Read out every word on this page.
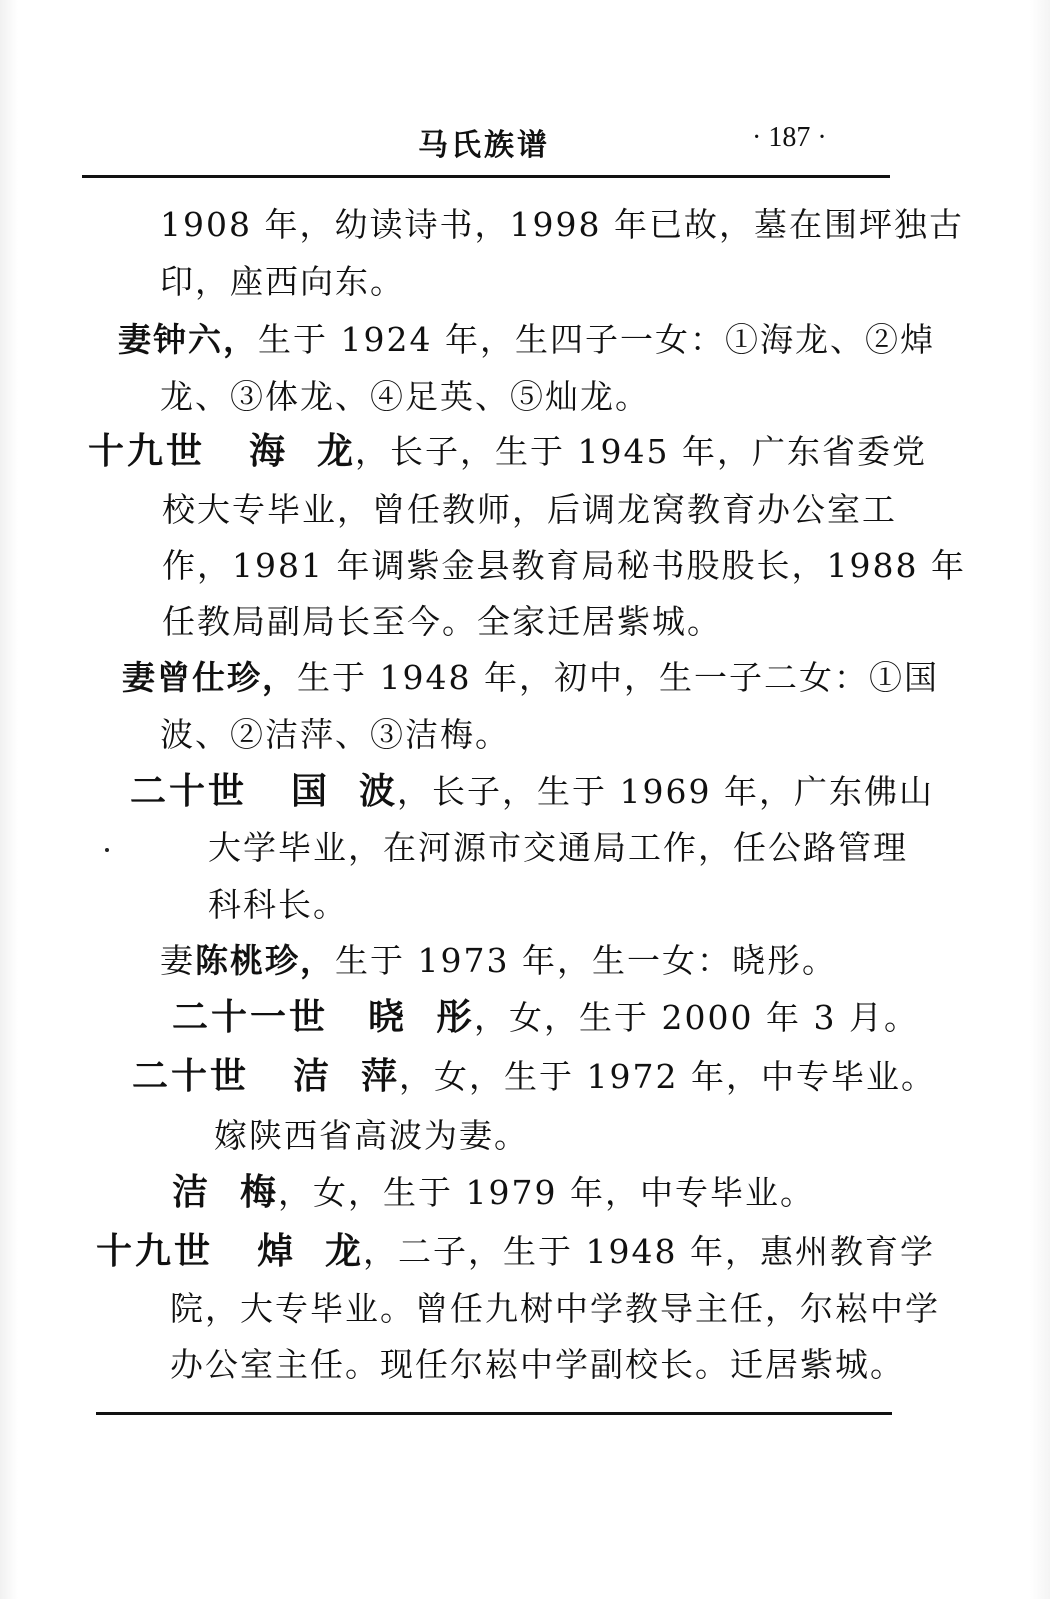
马氏族谱	· 187 ·
1908 年，幼读诗书，1998 年已故，墓在围坪独古
印，座西向东。
妻钟六，生于 1924 年，生四子一女：①海龙、②焯
龙、③体龙、④足英、⑤灿龙。
十九世 海龙，长子，生于 1945 年，广东省委党
校大专毕业，曾任教师，后调龙窝教育办公室工
作，1981 年调紫金县教育局秘书股股长，1988 年
任教局副局长至今。全家迁居紫城。
妻曾仕珍，生于 1948 年，初中，生一子二女：①国
波、②洁萍、③洁梅。
二十世 国波，长子，生于 1969 年，广东佛山
大学毕业，在河源市交通局工作，任公路管理
科科长。
妻陈桃珍，生于 1973 年，生一女：晓彤。
二十一世 晓彤，女，生于 2000 年 3 月。
二十世 洁萍，女，生于 1972 年，中专毕业。
嫁陕西省高波为妻。
洁梅，女，生于 1979 年，中专毕业。
十九世 焯龙，二子，生于 1948 年，惠州教育学
院，大专毕业。曾任九树中学教导主任，尔崧中学
办公室主任。现任尔崧中学副校长。迁居紫城。
